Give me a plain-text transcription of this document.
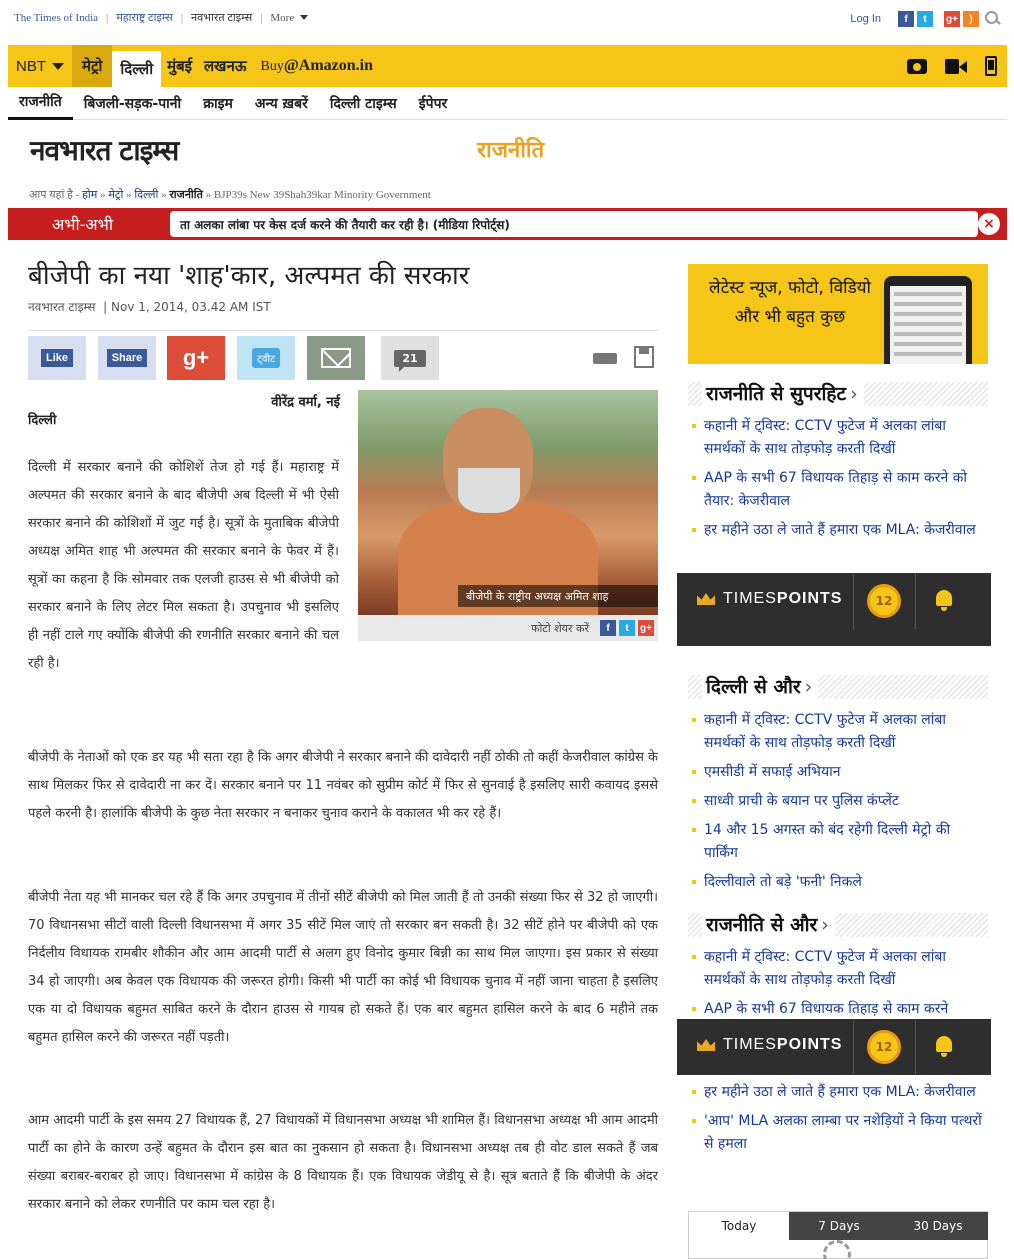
The Times of India | महाराष्ट्र टाइम्स | नवभारत टाइम्स | More	Log In	f	t	g+	)
NBT	मेट्रो	दिल्ली मुंबई लखनऊ	Buy@Amazon.in
राजनीति	बिजली-सड़क-पानी	क्राइम	अन्य ख़बरें	दिल्ली टाइम्स	ईपेपर
नवभारत टाइम्स	राजनीति
आप यहां है - होम » मेट्रो » दिल्ली » राजनीति » BJP39s New 39Shah39kar Minority Government
अभी-अभी	ता अलका लांबा पर केस दर्ज करने की तैयारी कर रही है। (मीडिया रिपोर्ट्स)	×
बीजेपी का नया 'शाह'कार, अल्पमत की सरकार
नवभारत टाइम्स  | Nov 1, 2014, 03.42 AM IST
Like	Share	g+	ट्वीट	21
वीरेंद्र वर्मा, नई
दिल्ली
बीजेपी के राष्ट्रीय अध्यक्ष अमित शाह
फोटो शेयर करें	f	t	g+

दिल्ली में सरकार बनाने की कोशिशें तेज हो गई हैं। महाराष्ट्र में अल्पमत की सरकार बनाने के बाद बीजेपी अब दिल्ली में भी ऐसी सरकार बनाने की कोशिशों में जुट गई है। सूत्रों के मुताबिक बीजेपी अध्यक्ष अमित शाह भी अल्पमत की सरकार बनाने के फेवर में हैं। सूत्रों का कहना है कि सोमवार तक एलजी हाउस से भी बीजेपी को सरकार बनाने के लिए लेटर मिल सकता है। उपचुनाव भी इसलिए ही नहीं टाले गए क्योंकि बीजेपी की रणनीति सरकार बनाने की चल रही है।

बीजेपी के नेताओं को एक डर यह भी सता रहा है कि अगर बीजेपी ने सरकार बनाने की दावेदारी नहीं ठोकी तो कहीं केजरीवाल कांग्रेस के साथ मिलकर फिर से दावेदारी ना कर दें। सरकार बनाने पर 11 नवंबर को सुप्रीम कोर्ट में फिर से सुनवाई है इसलिए सारी कवायद इससे पहले करनी है। हालांकि बीजेपी के कुछ नेता सरकार न बनाकर चुनाव कराने के वकालत भी कर रहे हैं।

बीजेपी नेता यह भी मानकर चल रहे हैं कि अगर उपचुनाव में तीनों सीटें बीजेपी को मिल जाती हैं तो उनकी संख्या फिर से 32 हो जाएगी। 70 विधानसभा सीटों वाली दिल्ली विधानसभा में अगर 35 सीटें मिल जाएं तो सरकार बन सकती है। 32 सीटें होने पर बीजेपी को एक निर्दलीय विधायक रामबीर शौकीन और आम आदमी पार्टी से अलग हुए विनोद कुमार बिन्नी का साथ मिल जाएगा। इस प्रकार से संख्या 34 हो जाएगी। अब केवल एक विधायक की जरूरत होगी। किसी भी पार्टी का कोई भी विधायक चुनाव में नहीं जाना चाहता है इसलिए एक या दो विधायक बहुमत साबित करने के दौरान हाउस से गायब हो सकते हैं। एक बार बहुमत हासिल करने के बाद 6 महीने तक बहुमत हासिल करने की जरूरत नहीं पड़ती।

आम आदमी पार्टी के इस समय 27 विधायक हैं, 27 विधायकों में विधानसभा अध्यक्ष भी शामिल हैं। विधानसभा अध्यक्ष भी आम आदमी पार्टी का होने के कारण उन्हें बहुमत के दौरान इस बात का नुकसान हो सकता है। विधानसभा अध्यक्ष तब ही वोट डाल सकते हैं जब संख्या बराबर-बराबर हो जाए। विधानसभा में कांग्रेस के 8 विधायक हैं। एक विधायक जेडीयू से है। सूत्र बताते हैं कि बीजेपी के अंदर सरकार बनाने को लेकर रणनीति पर काम चल रहा है।

लेटेस्ट न्यूज, फोटो, विडियो और भी बहुत कुछ
राजनीति से सुपरहिट ›
कहानी में ट्विस्ट: CCTV फुटेज में अलका लांबा समर्थकों के साथ तोड़फोड़ करती दिखीं
AAP के सभी 67 विधायक तिहाड़ से काम करने को तैयार: केजरीवाल
हर महीने उठा ले जाते हैं हमारा एक MLA: केजरीवाल
TIMESPOINTS	12
दिल्ली से और ›
कहानी में ट्विस्ट: CCTV फुटेज में अलका लांबा समर्थकों के साथ तोड़फोड़ करती दिखीं
एमसीडी में सफाई अभियान
साध्वी प्राची के बयान पर पुलिस कंप्लेंट
14 और 15 अगस्त को बंद रहेगी दिल्ली मेट्रो की पार्किंग
दिल्लीवाले तो बड़े 'फनी' निकले
राजनीति से और ›
कहानी में ट्विस्ट: CCTV फुटेज में अलका लांबा समर्थकों के साथ तोड़फोड़ करती दिखीं
AAP के सभी 67 विधायक तिहाड़ से काम करने
TIMESPOINTS	12
हर महीने उठा ले जाते हैं हमारा एक MLA: केजरीवाल
'आप' MLA अलका लाम्बा पर नशेड़ियों ने किया पत्थरों से हमला
Today	7 Days	30 Days
